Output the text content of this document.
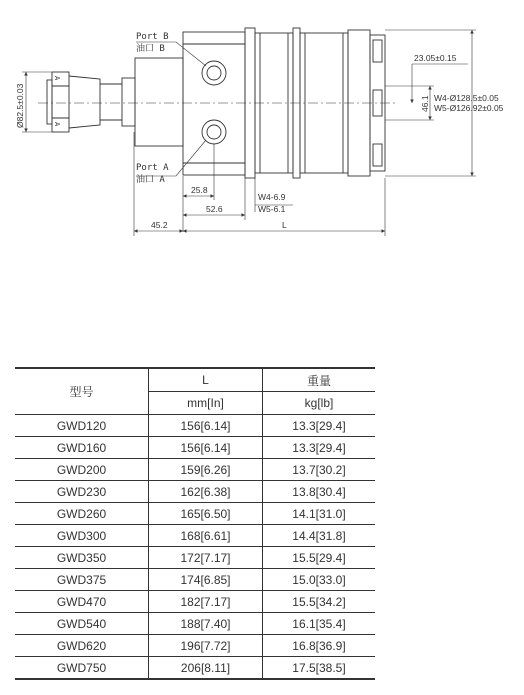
A
A
Port B
油口 B
Port A
油口 A
Ø82.5±0.03
23.05±0.15
46.1 W4-Ø128.5±0.05
W5-Ø126.92±0.05
25.8
52.6
W4-6.9
W5-6.1
45.2	L
型号	L	重量
	mm[In]	kg[lb]
GWD120	156[6.14]	13.3[29.4]
GWD160	156[6.14]	13.3[29.4]
GWD200	159[6.26]	13.7[30.2]
GWD230	162[6.38]	13.8[30.4]
GWD260	165[6.50]	14.1[31.0]
GWD300	168[6.61]	14.4[31.8]
GWD350	172[7.17]	15.5[29.4]
GWD375	174[6.85]	15.0[33.0]
GWD470	182[7.17]	15.5[34.2]
GWD540	188[7.40]	16.1[35.4]
GWD620	196[7.72]	16.8[36.9]
GWD750	206[8.11]	17.5[38.5]
